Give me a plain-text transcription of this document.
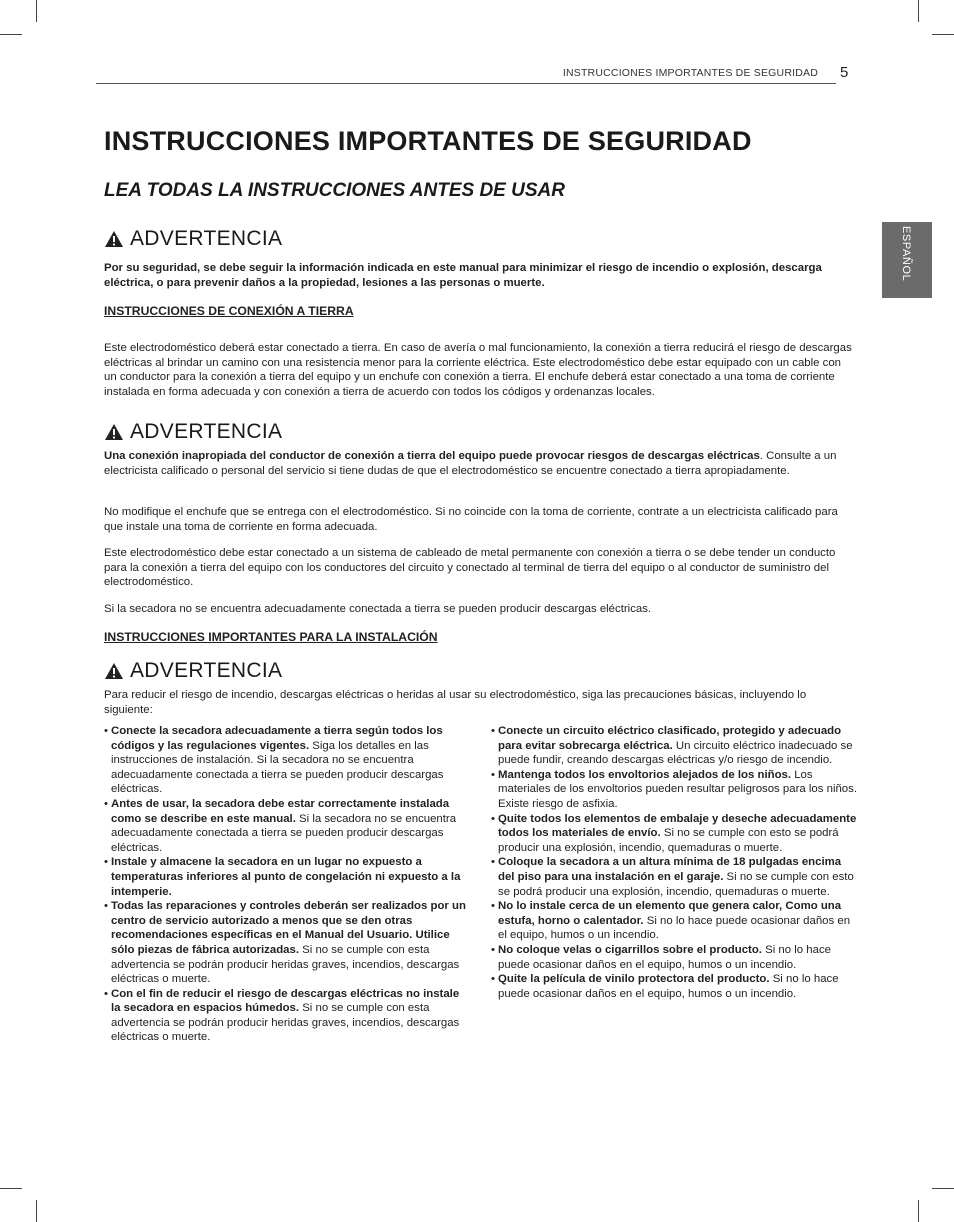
INSTRUCCIONES IMPORTANTES DE SEGURIDAD 5
ESPAÑOL
INSTRUCCIONES IMPORTANTES DE SEGURIDAD
LEA TODAS LA INSTRUCCIONES ANTES DE USAR
ADVERTENCIA

Por su seguridad, se debe seguir la información indicada en este manual para minimizar el riesgo de incendio o explosión, descarga eléctrica, o para prevenir daños a la propiedad, lesiones a las personas o muerte.

INSTRUCCIONES DE CONEXIÓN A TIERRA

Este electrodoméstico deberá estar conectado a tierra. En caso de avería o mal funcionamiento, la conexión a tierra reducirá el riesgo de descargas eléctricas al brindar un camino con una resistencia menor para la corriente eléctrica. Este electrodoméstico debe estar equipado con un cable con un conductor para la conexión a tierra del equipo y un enchufe con conexión a tierra. El enchufe deberá estar conectado a una toma de corriente instalada en forma adecuada y con conexión a tierra de acuerdo con todos los códigos y ordenanzas locales.

ADVERTENCIA

Una conexión inapropiada del conductor de conexión a tierra del equipo puede provocar riesgos de descargas eléctricas. Consulte a un electricista calificado o personal del servicio si tiene dudas de que el electrodoméstico se encuentre conectado a tierra apropiadamente.

No modifique el enchufe que se entrega con el electrodoméstico. Si no coincide con la toma de corriente, contrate a un electricista calificado para que instale una toma de corriente en forma adecuada.

Este electrodoméstico debe estar conectado a un sistema de cableado de metal permanente con conexión a tierra o se debe tender un conducto para la conexión a tierra del equipo con los conductores del circuito y conectado al terminal de tierra del equipo o al conductor de suministro del electrodoméstico.

Si la secadora no se encuentra adecuadamente conectada a tierra se pueden producir descargas eléctricas.

INSTRUCCIONES IMPORTANTES PARA LA INSTALACIÓN

ADVERTENCIA

Para reducir el riesgo de incendio, descargas eléctricas o heridas al usar su electrodoméstico, siga las precauciones básicas, incluyendo lo siguiente:

• Conecte la secadora adecuadamente a tierra según todos los códigos y las regulaciones vigentes. Siga los detalles en las instrucciones de instalación. Si la secadora no se encuentra adecuadamente conectada a tierra se pueden producir descargas eléctricas.
• Antes de usar, la secadora debe estar correctamente instalada como se describe en este manual. Si la secadora no se encuentra adecuadamente conectada a tierra se pueden producir descargas eléctricas.
• Instale y almacene la secadora en un lugar no expuesto a temperaturas inferiores al punto de congelación ni expuesto a la intemperie.
• Todas las reparaciones y controles deberán ser realizados por un centro de servicio autorizado a menos que se den otras recomendaciones específicas en el Manual del Usuario. Utilice sólo piezas de fábrica autorizadas. Si no se cumple con esta advertencia se podrán producir heridas graves, incendios, descargas eléctricas o muerte.
• Con el fin de reducir el riesgo de descargas eléctricas no instale la secadora en espacios húmedos. Si no se cumple con esta advertencia se podrán producir heridas graves, incendios, descargas eléctricas o muerte.
• Conecte un circuito eléctrico clasificado, protegido y adecuado para evitar sobrecarga eléctrica. Un circuito eléctrico inadecuado se puede fundir, creando descargas eléctricas y/o riesgo de incendio.
• Mantenga todos los envoltorios alejados de los niños. Los materiales de los envoltorios pueden resultar peligrosos para los niños. Existe riesgo de asfixia.
• Quite todos los elementos de embalaje y deseche adecuadamente todos los materiales de envío. Si no se cumple con esto se podrá producir una explosión, incendio, quemaduras o muerte.
• Coloque la secadora a un altura mínima de 18 pulgadas encima del piso para una instalación en el garaje. Si no se cumple con esto se podrá producir una explosión, incendio, quemaduras o muerte.
• No lo instale cerca de un elemento que genera calor, Como una estufa, horno o calentador. Si no lo hace puede ocasionar daños en el equipo, humos o un incendio.
• No coloque velas o cigarrillos sobre el producto. Si no lo hace puede ocasionar daños en el equipo, humos o un incendio.
• Quite la película de vinilo protectora del producto. Si no lo hace puede ocasionar daños en el equipo, humos o un incendio.
